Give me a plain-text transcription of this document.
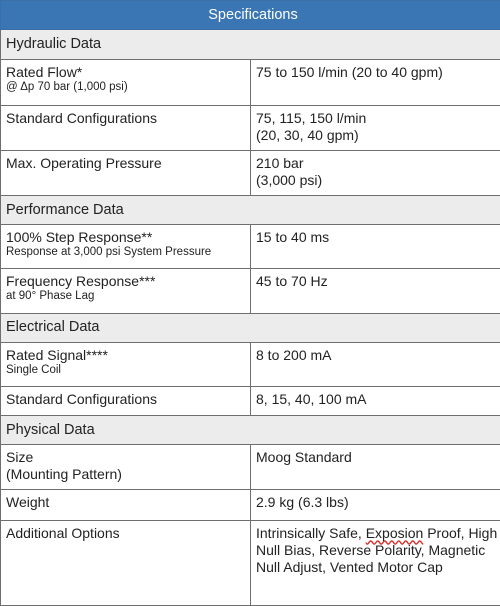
Specifications	
Hydraulic Data	

Rated Flow*
@ Δp 70 bar (1,000 psi)	75 to 150 l/min (20 to 40 gpm)

Standard Configurations	75, 115, 150 l/min
(20, 30, 40 gpm)

Max. Operating Pressure	210 bar
(3,000 psi)

Performance Data	

100% Step Response**
Response at 3,000 psi System Pressure	15 to 40 ms

Frequency Response***
at 90° Phase Lag	45 to 70 Hz

Electrical Data	

Rated Signal****
Single Coil	8 to 200 mA

Standard Configurations	8, 15, 40, 100 mA

Physical Data	

Size
(Mounting Pattern)	Moog Standard

Weight	2.9 kg (6.3 lbs)

Additional Options	Intrinsically Safe, Exposion Proof, High Null Bias, Reverse Polarity, Magnetic Null Adjust, Vented Motor Cap
